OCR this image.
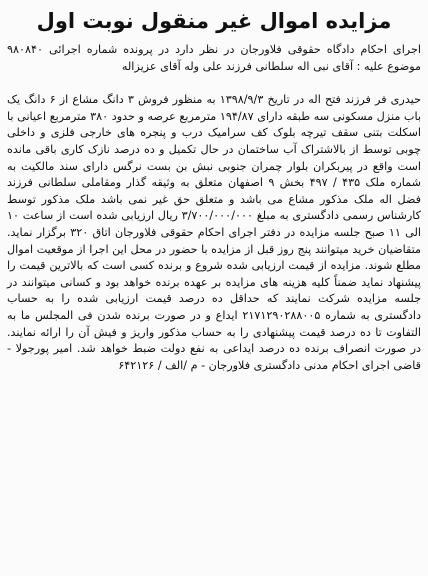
مزایده اموال غیر منقول نوبت اول

اجرای احکام دادگاه حقوقی فلاورجان در نظر دارد در پرونده شماره اجرائی ۹۸۰۸۴۰ موضوع علیه : آقای نبی اله سلطانی فرزند علی وله آقای عزیزاله

حیدری فر فرزند فتح اله در تاریخ ۱۳۹۸/۹/۳ به منظور فروش ۳ دانگ مشاع از ۶ دانگ یک باب منزل مسکونی سه طبقه دارای ۱۹۴/۸۷ مترمربع عرصه و حدود ۳۸۰ مترمربع اعیانی با اسکلت بتنی سقف تیرچه بلوک کف سرامیک درب و پنجره های خارجی فلزی و داخلی چوبی توسط از بالاشتراک آب ساختمان در حال تکمیل و ده درصد نازک کاری باقی مانده است واقع در پیربکران بلوار چمران جنوبی نبش بن بست نرگس دارای سند مالکیت به شماره ملک ۴۳۵ / ۴۹۷ بخش ۹ اصفهان متعلق به وثیقه گذار ومقاملی سلطانی فرزند فضل اله ملک مذکور مشاع می باشد و متعلق حق غیر نمی باشد ملک مذکور توسط کارشناس رسمی دادگستری به مبلغ ۳/۷۰۰/۰۰۰/۰۰۰ ریال ارزیابی شده است از ساعت ۱۰ الی ۱۱ صبح جلسه مزایده در دفتر اجرای احکام حقوقی فلاورجان اتاق ۳۲۰ برگزار نماید. متقاضیان خرید میتوانند پنج روز قبل از مزایده با حضور در محل این اجرا از موقعیت اموال مطلع شوند. مزایده از قیمت ارزیابی شده شروع و برنده کسی است که بالاترین قیمت را پیشنهاد نماید ضمناً کلیه هزینه های مزایده بر عهده برنده خواهد بود و کسانی میتوانند در جلسه مزایده شرکت نمایند که حداقل ده درصد قیمت ارزیابی شده را به حساب دادگستری به شماره ۲۱۷۱۲۹۰۲۸۸۰۰۵ ایداع و در صورت برنده شدن فی المجلس ما به التفاوت تا ده درصد قیمت پیشنهادی را به حساب مذکور واریز و فیش آن را ارائه نمایند. در صورت انصراف برنده ده درصد ایداعی به نفع دولت ضبط خواهد شد. امیر پورجولا - قاضی اجرای احکام مدنی دادگستری فلاورجان - م /الف / ۶۴۲۱۲۶
